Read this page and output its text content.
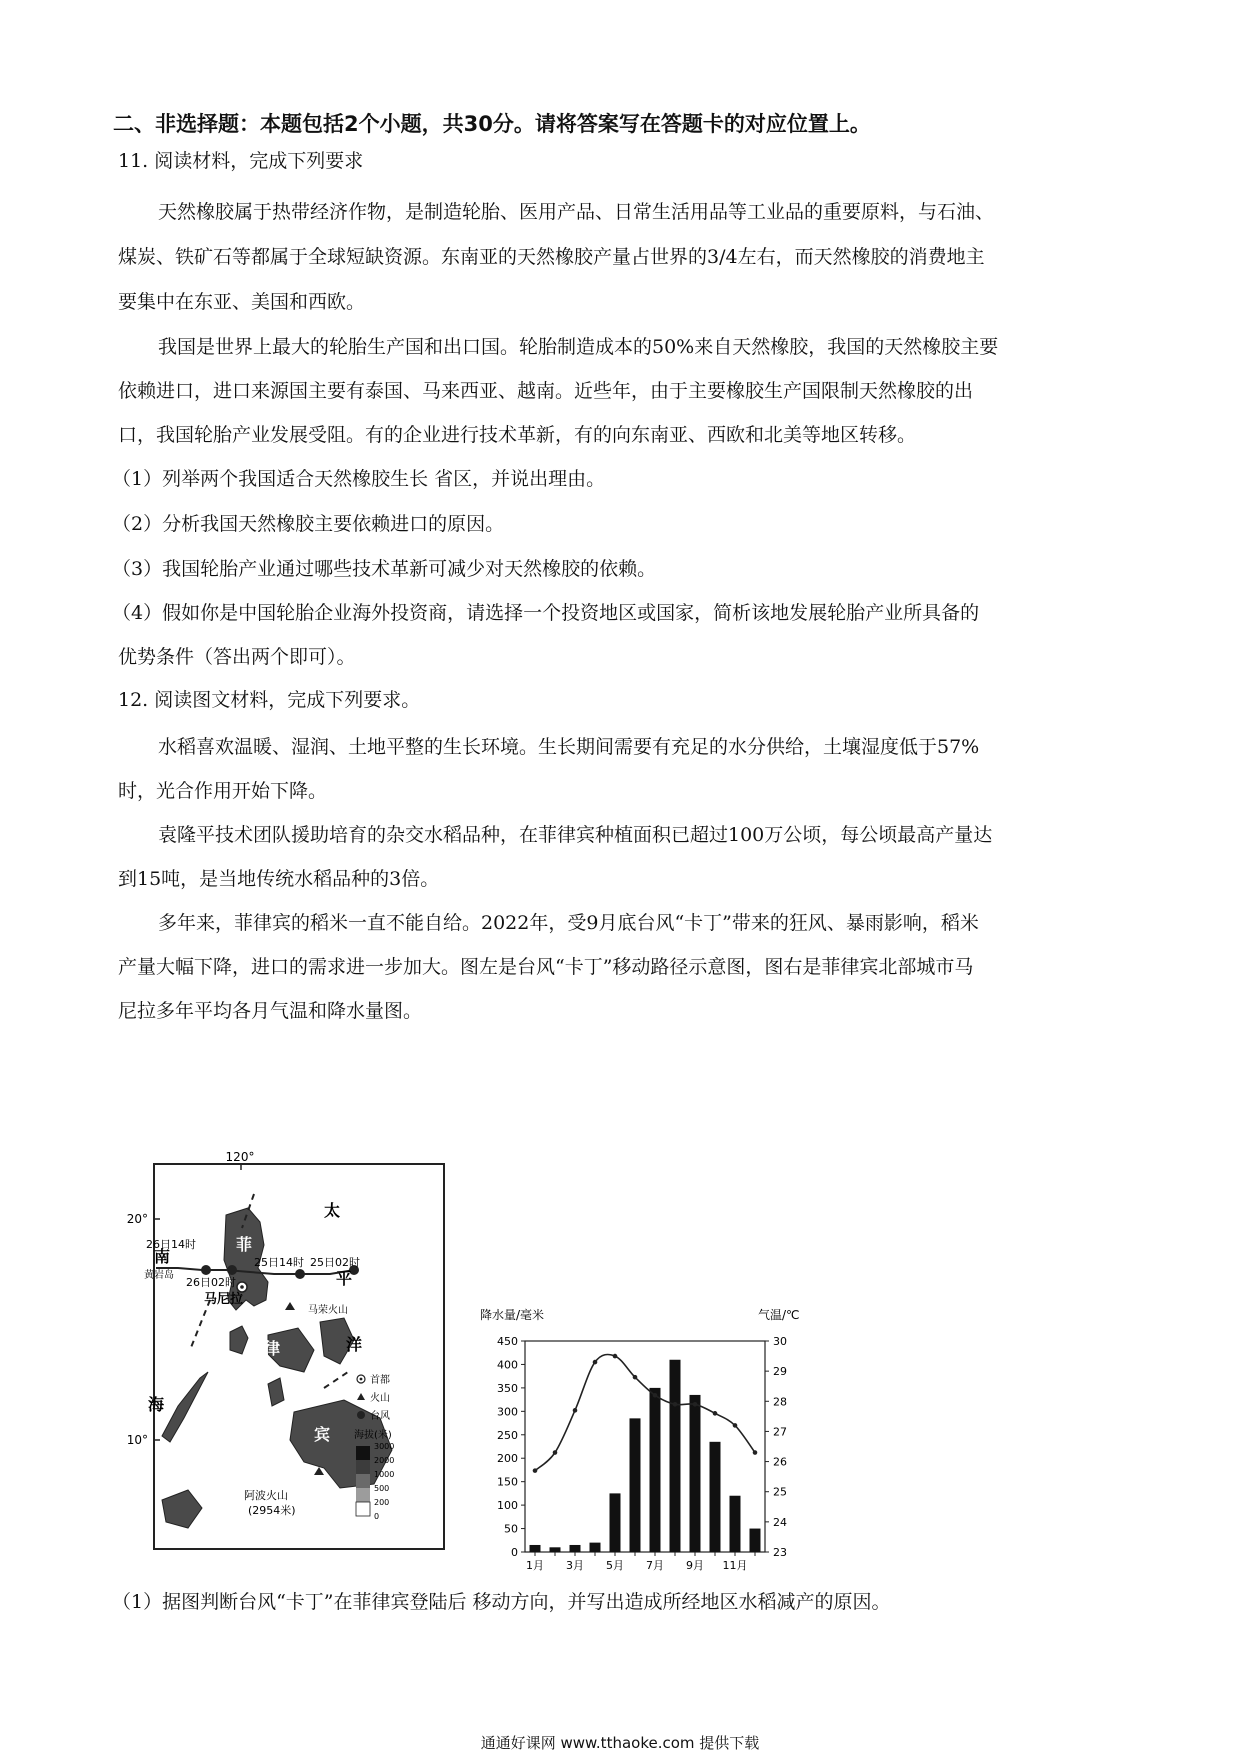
二、非选择题：本题包括2个小题，共30分。请将答案写在答题卡的对应位置上。
11. 阅读材料，完成下列要求
天然橡胶属于热带经济作物，是制造轮胎、医用产品、日常生活用品等工业品的重要原料，与石油、
煤炭、铁矿石等都属于全球短缺资源。东南亚的天然橡胶产量占世界的3/4左右，而天然橡胶的消费地主
要集中在东亚、美国和西欧。
我国是世界上最大的轮胎生产国和出口国。轮胎制造成本的50%来自天然橡胶，我国的天然橡胶主要
依赖进口，进口来源国主要有泰国、马来西亚、越南。近些年，由于主要橡胶生产国限制天然橡胶的出
口，我国轮胎产业发展受阻。有的企业进行技术革新，有的向东南亚、西欧和北美等地区转移。
（1）列举两个我国适合天然橡胶生长 省区，并说出理由。
（2）分析我国天然橡胶主要依赖进口的原因。
（3）我国轮胎产业通过哪些技术革新可减少对天然橡胶的依赖。
（4）假如你是中国轮胎企业海外投资商，请选择一个投资地区或国家，简析该地发展轮胎产业所具备的
优势条件（答出两个即可）。
12. 阅读图文材料，完成下列要求。
水稻喜欢温暖、湿润、土地平整的生长环境。生长期间需要有充足的水分供给，土壤湿度低于57%
时，光合作用开始下降。
袁隆平技术团队援助培育的杂交水稻品种，在菲律宾种植面积已超过100万公顷，每公顷最高产量达
到15吨，是当地传统水稻品种的3倍。
多年来，菲律宾的稻米一直不能自给。2022年，受9月底台风“卡丁”带来的狂风、暴雨影响，稻米
产量大幅下降，进口的需求进一步加大。图左是台风“卡丁”移动路径示意图，图右是菲律宾北部城市马
尼拉多年平均各月气温和降水量图。
120°
20°
10°
26日14时
25日14时 25日02时
26日02时
黄岩岛
马尼拉
马荣火山
阿波火山
(2954米)
南
海
太
平
洋
菲
律
宾
首都
火山
台风
海拔(米)
3000
2000
1000
500
200
0
降水量/毫米	气温/℃
0
50
100
150
200
250
300
350
400
450
23
24
25
26
27
28
29
30
1月 3月 5月 7月 9月 11月
（1）据图判断台风“卡丁”在菲律宾登陆后 移动方向，并写出造成所经地区水稻减产的原因。
通通好课网 www.tthaoke.com 提供下载
